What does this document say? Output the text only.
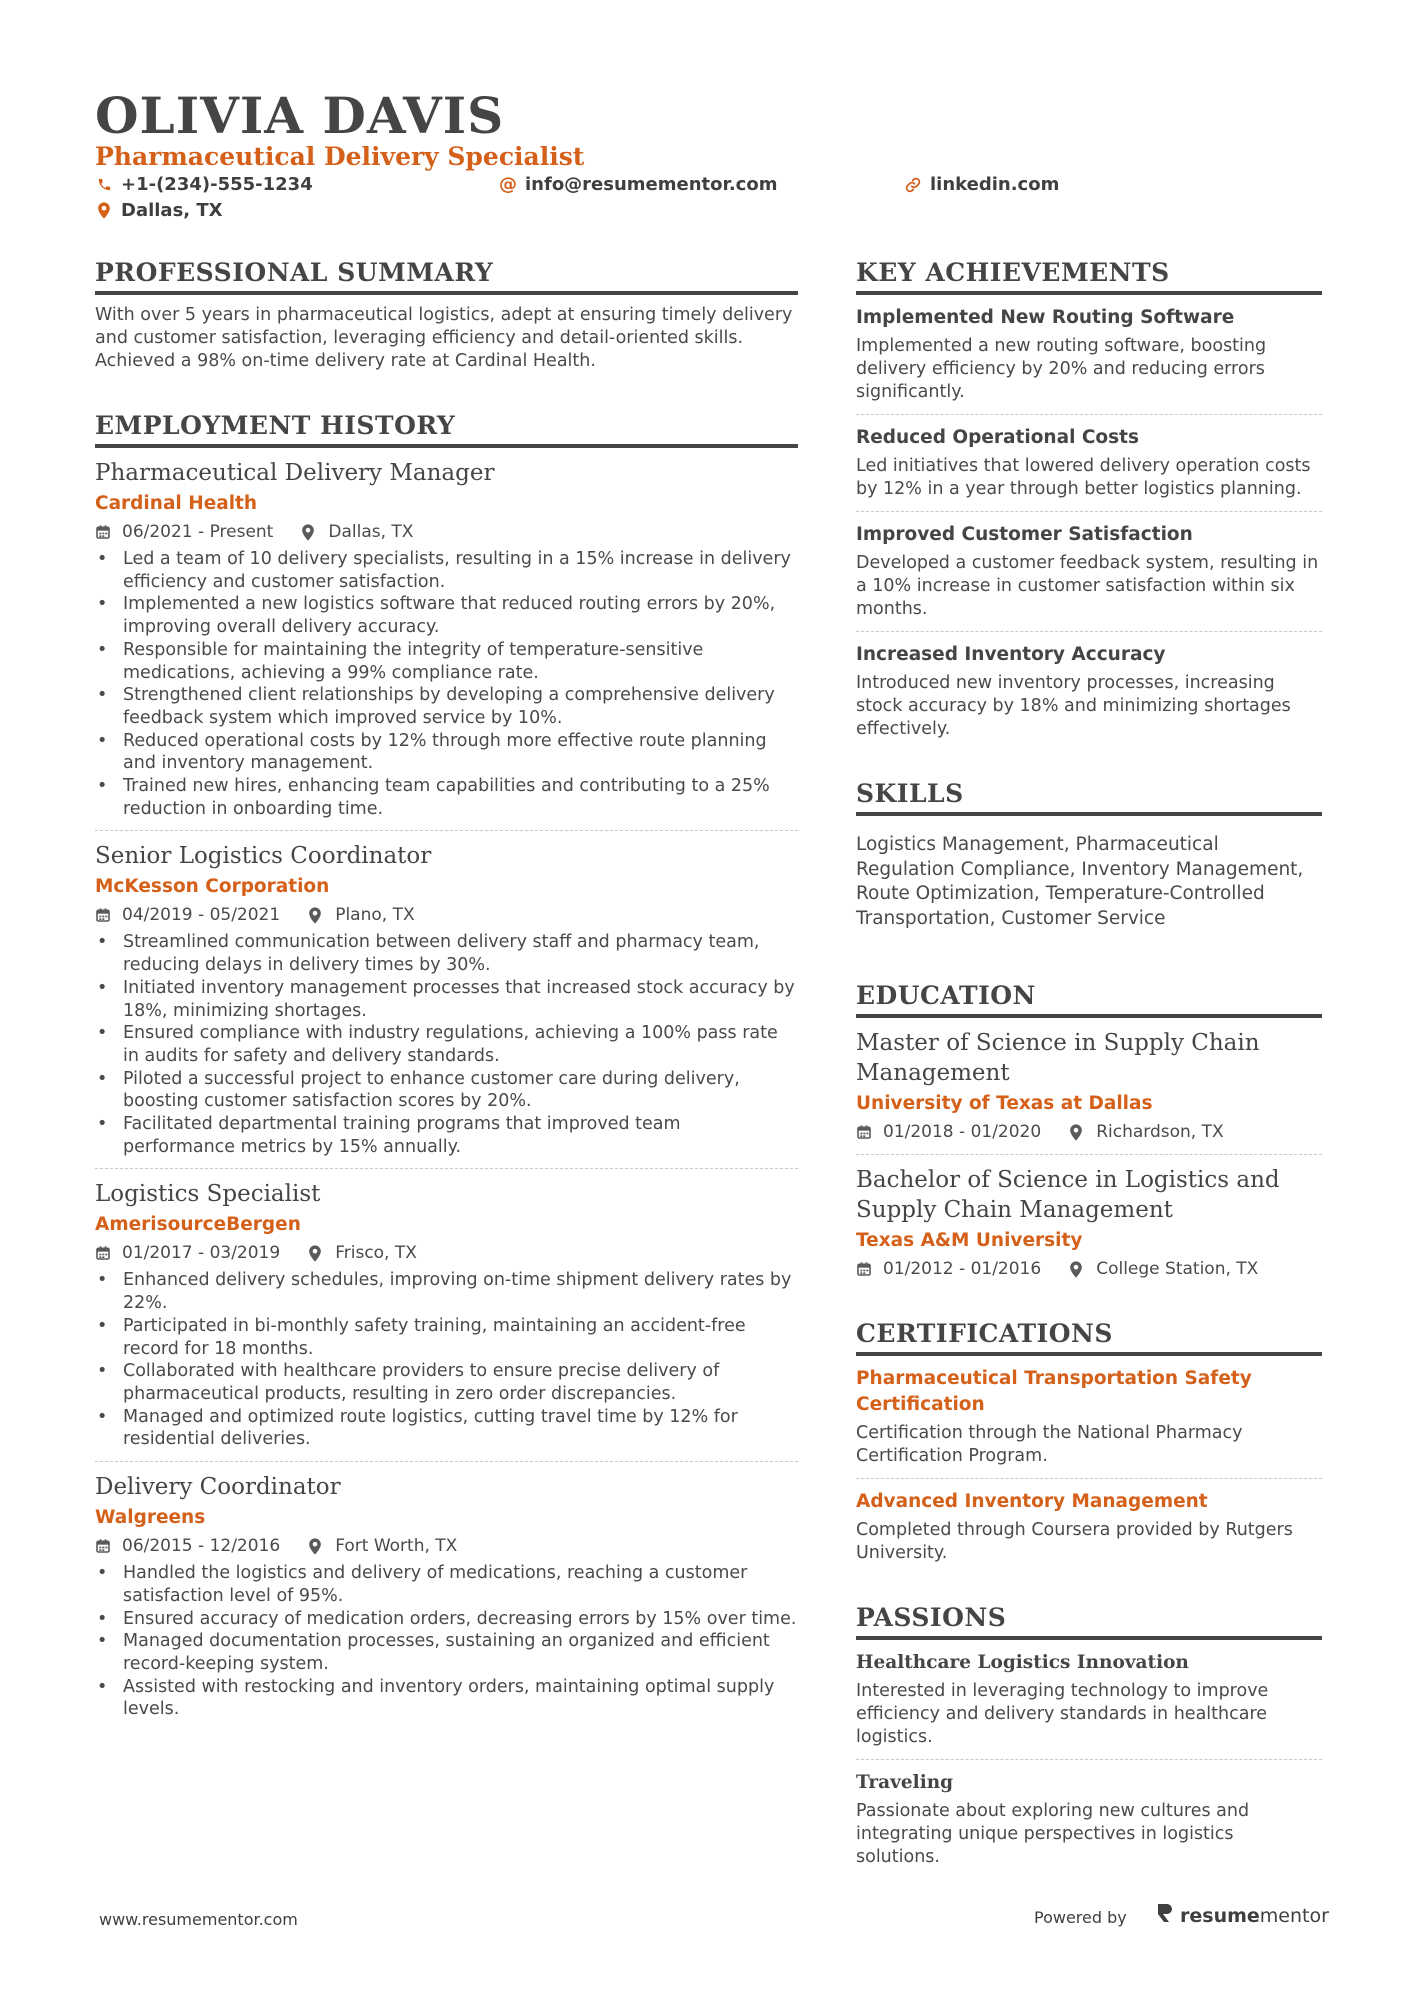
OLIVIA DAVIS
Pharmaceutical Delivery Specialist
+1-(234)-555-1234	@ info@resumementor.com	linkedin.com
Dallas, TX
PROFESSIONAL SUMMARY
With over 5 years in pharmaceutical logistics, adept at ensuring timely delivery and customer satisfaction, leveraging efficiency and detail-oriented skills. Achieved a 98% on-time delivery rate at Cardinal Health.
EMPLOYMENT HISTORY
Pharmaceutical Delivery Manager
Cardinal Health
06/2021 - Present	Dallas, TX
• Led a team of 10 delivery specialists, resulting in a 15% increase in delivery efficiency and customer satisfaction.
• Implemented a new logistics software that reduced routing errors by 20%, improving overall delivery accuracy.
• Responsible for maintaining the integrity of temperature-sensitive medications, achieving a 99% compliance rate.
• Strengthened client relationships by developing a comprehensive delivery feedback system which improved service by 10%.
• Reduced operational costs by 12% through more effective route planning and inventory management.
• Trained new hires, enhancing team capabilities and contributing to a 25% reduction in onboarding time.
Senior Logistics Coordinator
McKesson Corporation
04/2019 - 05/2021	Plano, TX
• Streamlined communication between delivery staff and pharmacy team, reducing delays in delivery times by 30%.
• Initiated inventory management processes that increased stock accuracy by 18%, minimizing shortages.
• Ensured compliance with industry regulations, achieving a 100% pass rate in audits for safety and delivery standards.
• Piloted a successful project to enhance customer care during delivery, boosting customer satisfaction scores by 20%.
• Facilitated departmental training programs that improved team performance metrics by 15% annually.
Logistics Specialist
AmerisourceBergen
01/2017 - 03/2019	Frisco, TX
• Enhanced delivery schedules, improving on-time shipment delivery rates by 22%.
• Participated in bi-monthly safety training, maintaining an accident-free record for 18 months.
• Collaborated with healthcare providers to ensure precise delivery of pharmaceutical products, resulting in zero order discrepancies.
• Managed and optimized route logistics, cutting travel time by 12% for residential deliveries.
Delivery Coordinator
Walgreens
06/2015 - 12/2016	Fort Worth, TX
• Handled the logistics and delivery of medications, reaching a customer satisfaction level of 95%.
• Ensured accuracy of medication orders, decreasing errors by 15% over time.
• Managed documentation processes, sustaining an organized and efficient record-keeping system.
• Assisted with restocking and inventory orders, maintaining optimal supply levels.
KEY ACHIEVEMENTS
Implemented New Routing Software
Implemented a new routing software, boosting delivery efficiency by 20% and reducing errors significantly.
Reduced Operational Costs
Led initiatives that lowered delivery operation costs by 12% in a year through better logistics planning.
Improved Customer Satisfaction
Developed a customer feedback system, resulting in a 10% increase in customer satisfaction within six months.
Increased Inventory Accuracy
Introduced new inventory processes, increasing stock accuracy by 18% and minimizing shortages effectively.
SKILLS
Logistics Management, Pharmaceutical Regulation Compliance, Inventory Management, Route Optimization, Temperature-Controlled Transportation, Customer Service
EDUCATION
Master of Science in Supply Chain Management
University of Texas at Dallas
01/2018 - 01/2020	Richardson, TX
Bachelor of Science in Logistics and Supply Chain Management
Texas A&M University
01/2012 - 01/2016	College Station, TX
CERTIFICATIONS
Pharmaceutical Transportation Safety Certification
Certification through the National Pharmacy Certification Program.
Advanced Inventory Management
Completed through Coursera provided by Rutgers University.
PASSIONS
Healthcare Logistics Innovation
Interested in leveraging technology to improve efficiency and delivery standards in healthcare logistics.
Traveling
Passionate about exploring new cultures and integrating unique perspectives in logistics solutions.
www.resumementor.com	Powered by	resumementor
